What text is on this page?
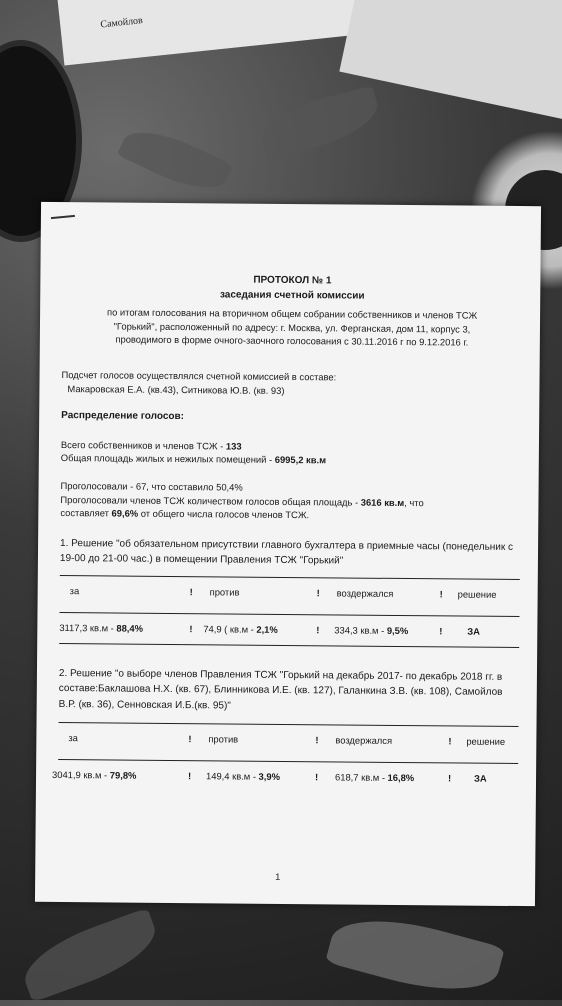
Самойлов
ПРОТОКОЛ № 1
заседания счетной комиссии
по итогам голосования на вторичном общем собрании собственников и членов ТСЖ
"Горький", расположенный по адресу: г. Москва, ул. Ферганская, дом 11, корпус 3,
проводимого в форме очного-заочного голосования с 30.11.2016 г по 9.12.2016 г.
Подсчет голосов осуществлялся счетной комиссией в составе:
Макаровская Е.А. (кв.43), Ситникова Ю.В. (кв. 93)
Распределение голосов:
Всего собственников и членов ТСЖ - 133
Общая площадь жилых и нежилых помещений - 6995,2 кв.м
Проголосовали - 67, что составило 50,4%
Проголосовали членов ТСЖ количеством голосов общая площадь - 3616 кв.м, что
составляет 69,6% от общего числа голосов членов ТСЖ.
1. Решение "об обязательном присутствии главного бухгалтера в приемные часы (понедельник с 19-00 до 21-00 час.) в помещении Правления ТСЖ "Горький"
за	! против	! воздержался	! решение
3117,3 кв.м - 88,4%	! 74,9 ( кв.м - 2,1%	! 334,3 кв.м - 9,5%	!	ЗА
2. Решение "о выборе членов Правления ТСЖ "Горький на декабрь 2017- по декабрь 2018 гг. в составе:Баклашова Н.Х. (кв. 67), Блинникова И.Е. (кв. 127), Галанкина З.В. (кв. 108), Самойлов В.Р. (кв. 36), Сенновская И.Б.(кв. 95)"
за	! против	! воздержался	! решение
3041,9 кв.м - 79,8%	! 149,4 кв.м - 3,9%	! 618,7 кв.м - 16,8%	! ЗА
1
